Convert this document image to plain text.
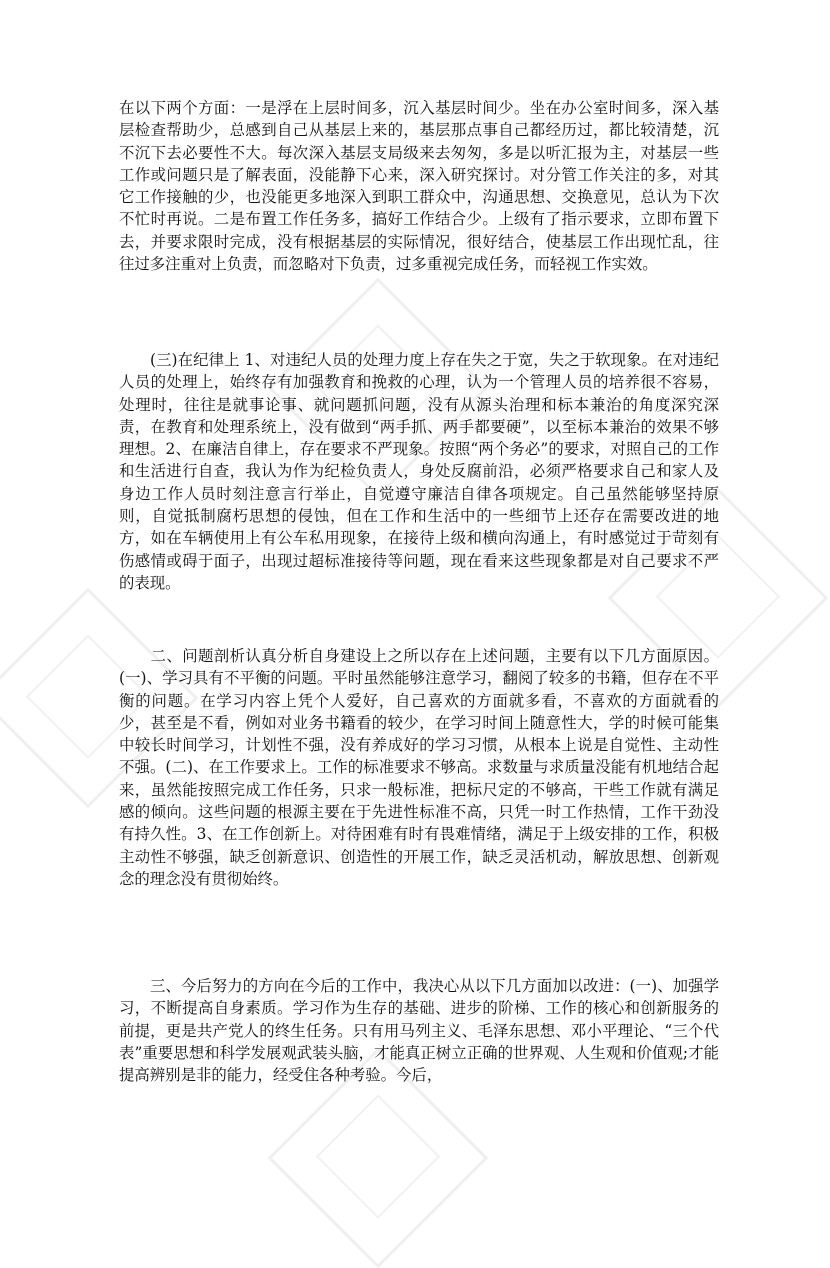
在以下两个方面：一是浮在上层时间多，沉入基层时间少。坐在办公室时间多，深入基层检查帮助少，总感到自己从基层上来的，基层那点事自己都经历过，都比较清楚，沉不沉下去必要性不大。每次深入基层支局级来去匆匆，多是以听汇报为主，对基层一些工作或问题只是了解表面，没能静下心来，深入研究探讨。对分管工作关注的多，对其它工作接触的少，也没能更多地深入到职工群众中，沟通思想、交换意见，总认为下次不忙时再说。二是布置工作任务多，搞好工作结合少。上级有了指示要求，立即布置下去，并要求限时完成，没有根据基层的实际情况，很好结合，使基层工作出现忙乱，往往过多注重对上负责，而忽略对下负责，过多重视完成任务，而轻视工作实效。

　　(三)在纪律上 1、对违纪人员的处理力度上存在失之于宽，失之于软现象。在对违纪人员的处理上，始终存有加强教育和挽救的心理，认为一个管理人员的培养很不容易，处理时，往往是就事论事、就问题抓问题，没有从源头治理和标本兼治的角度深究深责，在教育和处理系统上，没有做到“两手抓、两手都要硬”，以至标本兼治的效果不够理想。2、在廉洁自律上，存在要求不严现象。按照“两个务必”的要求，对照自己的工作和生活进行自查，我认为作为纪检负责人，身处反腐前沿，必须严格要求自己和家人及身边工作人员时刻注意言行举止，自觉遵守廉洁自律各项规定。自己虽然能够坚持原则，自觉抵制腐朽思想的侵蚀，但在工作和生活中的一些细节上还存在需要改进的地方，如在车辆使用上有公车私用现象，在接待上级和横向沟通上，有时感觉过于苛刻有伤感情或碍于面子，出现过超标准接待等问题，现在看来这些现象都是对自己要求不严的表现。

　　二、问题剖析认真分析自身建设上之所以存在上述问题，主要有以下几方面原因。(一)、学习具有不平衡的问题。平时虽然能够注意学习，翻阅了较多的书籍，但存在不平衡的问题。在学习内容上凭个人爱好，自己喜欢的方面就多看，不喜欢的方面就看的少，甚至是不看，例如对业务书籍看的较少，在学习时间上随意性大，学的时候可能集中较长时间学习，计划性不强，没有养成好的学习习惯，从根本上说是自觉性、主动性不强。(二)、在工作要求上。工作的标准要求不够高。求数量与求质量没能有机地结合起来，虽然能按照完成工作任务，只求一般标准，把标尺定的不够高，干些工作就有满足感的倾向。这些问题的根源主要在于先进性标准不高，只凭一时工作热情，工作干劲没有持久性。3、在工作创新上。对待困难有时有畏难情绪，满足于上级安排的工作，积极主动性不够强，缺乏创新意识、创造性的开展工作，缺乏灵活机动，解放思想、创新观念的理念没有贯彻始终。

　　三、今后努力的方向在今后的工作中，我决心从以下几方面加以改进：(一)、加强学习，不断提高自身素质。学习作为生存的基础、进步的阶梯、工作的核心和创新服务的前提，更是共产党人的终生任务。只有用马列主义、毛泽东思想、邓小平理论、“三个代表”重要思想和科学发展观武装头脑，才能真正树立正确的世界观、人生观和价值观;才能提高辨别是非的能力，经受住各种考验。今后，
